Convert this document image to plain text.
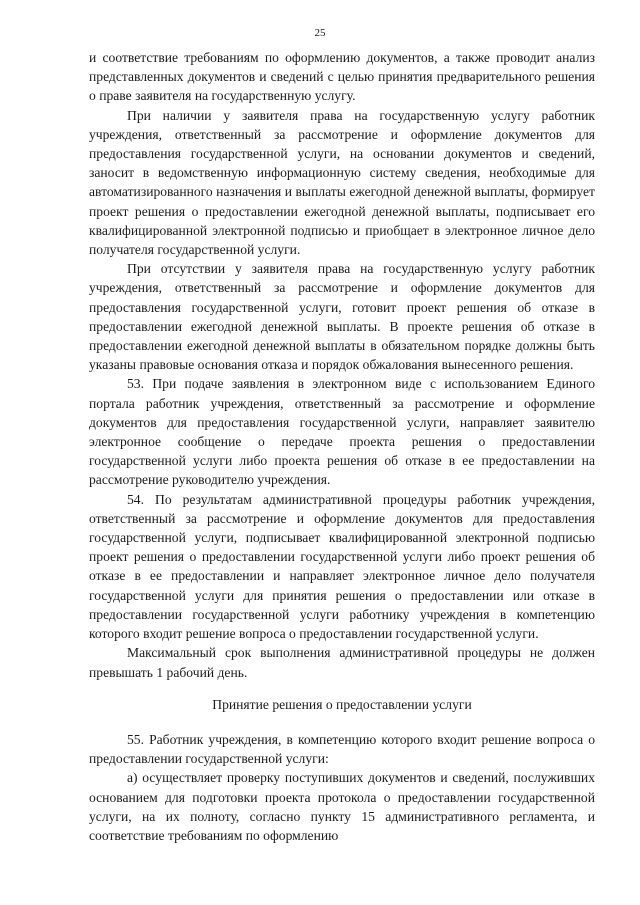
25

и соответствие требованиям по оформлению документов, а также проводит анализ представленных документов и сведений с целью принятия предварительного решения о праве заявителя на государственную услугу.

При наличии у заявителя права на государственную услугу работник учреждения, ответственный за рассмотрение и оформление документов для предоставления государственной услуги, на основании документов и сведений, заносит в ведомственную информационную систему сведения, необходимые для автоматизированного назначения и выплаты ежегодной денежной выплаты, формирует проект решения о предоставлении ежегодной денежной выплаты, подписывает его квалифицированной электронной подписью и приобщает в электронное личное дело получателя государственной услуги.

При отсутствии у заявителя права на государственную услугу работник учреждения, ответственный за рассмотрение и оформление документов для предоставления государственной услуги, готовит проект решения об отказе в предоставлении ежегодной денежной выплаты. В проекте решения об отказе в предоставлении ежегодной денежной выплаты в обязательном порядке должны быть указаны правовые основания отказа и порядок обжалования вынесенного решения.

53. При подаче заявления в электронном виде с использованием Единого портала работник учреждения, ответственный за рассмотрение и оформление документов для предоставления государственной услуги, направляет заявителю электронное сообщение о передаче проекта решения о предоставлении государственной услуги либо проекта решения об отказе в ее предоставлении на рассмотрение руководителю учреждения.

54. По результатам административной процедуры работник учреждения, ответственный за рассмотрение и оформление документов для предоставления государственной услуги, подписывает квалифицированной электронной подписью проект решения о предоставлении государственной услуги либо проект решения об отказе в ее предоставлении и направляет электронное личное дело получателя государственной услуги для принятия решения о предоставлении или отказе в предоставлении государственной услуги работнику учреждения в компетенцию которого входит решение вопроса о предоставлении государственной услуги.

Максимальный срок выполнения административной процедуры не должен превышать 1 рабочий день.

Принятие решения о предоставлении услуги

55. Работник учреждения, в компетенцию которого входит решение вопроса о предоставлении государственной услуги:

а) осуществляет проверку поступивших документов и сведений, послуживших основанием для подготовки проекта протокола о предоставлении государственной услуги, на их полноту, согласно пункту 15 административного регламента, и соответствие требованиям по оформлению
